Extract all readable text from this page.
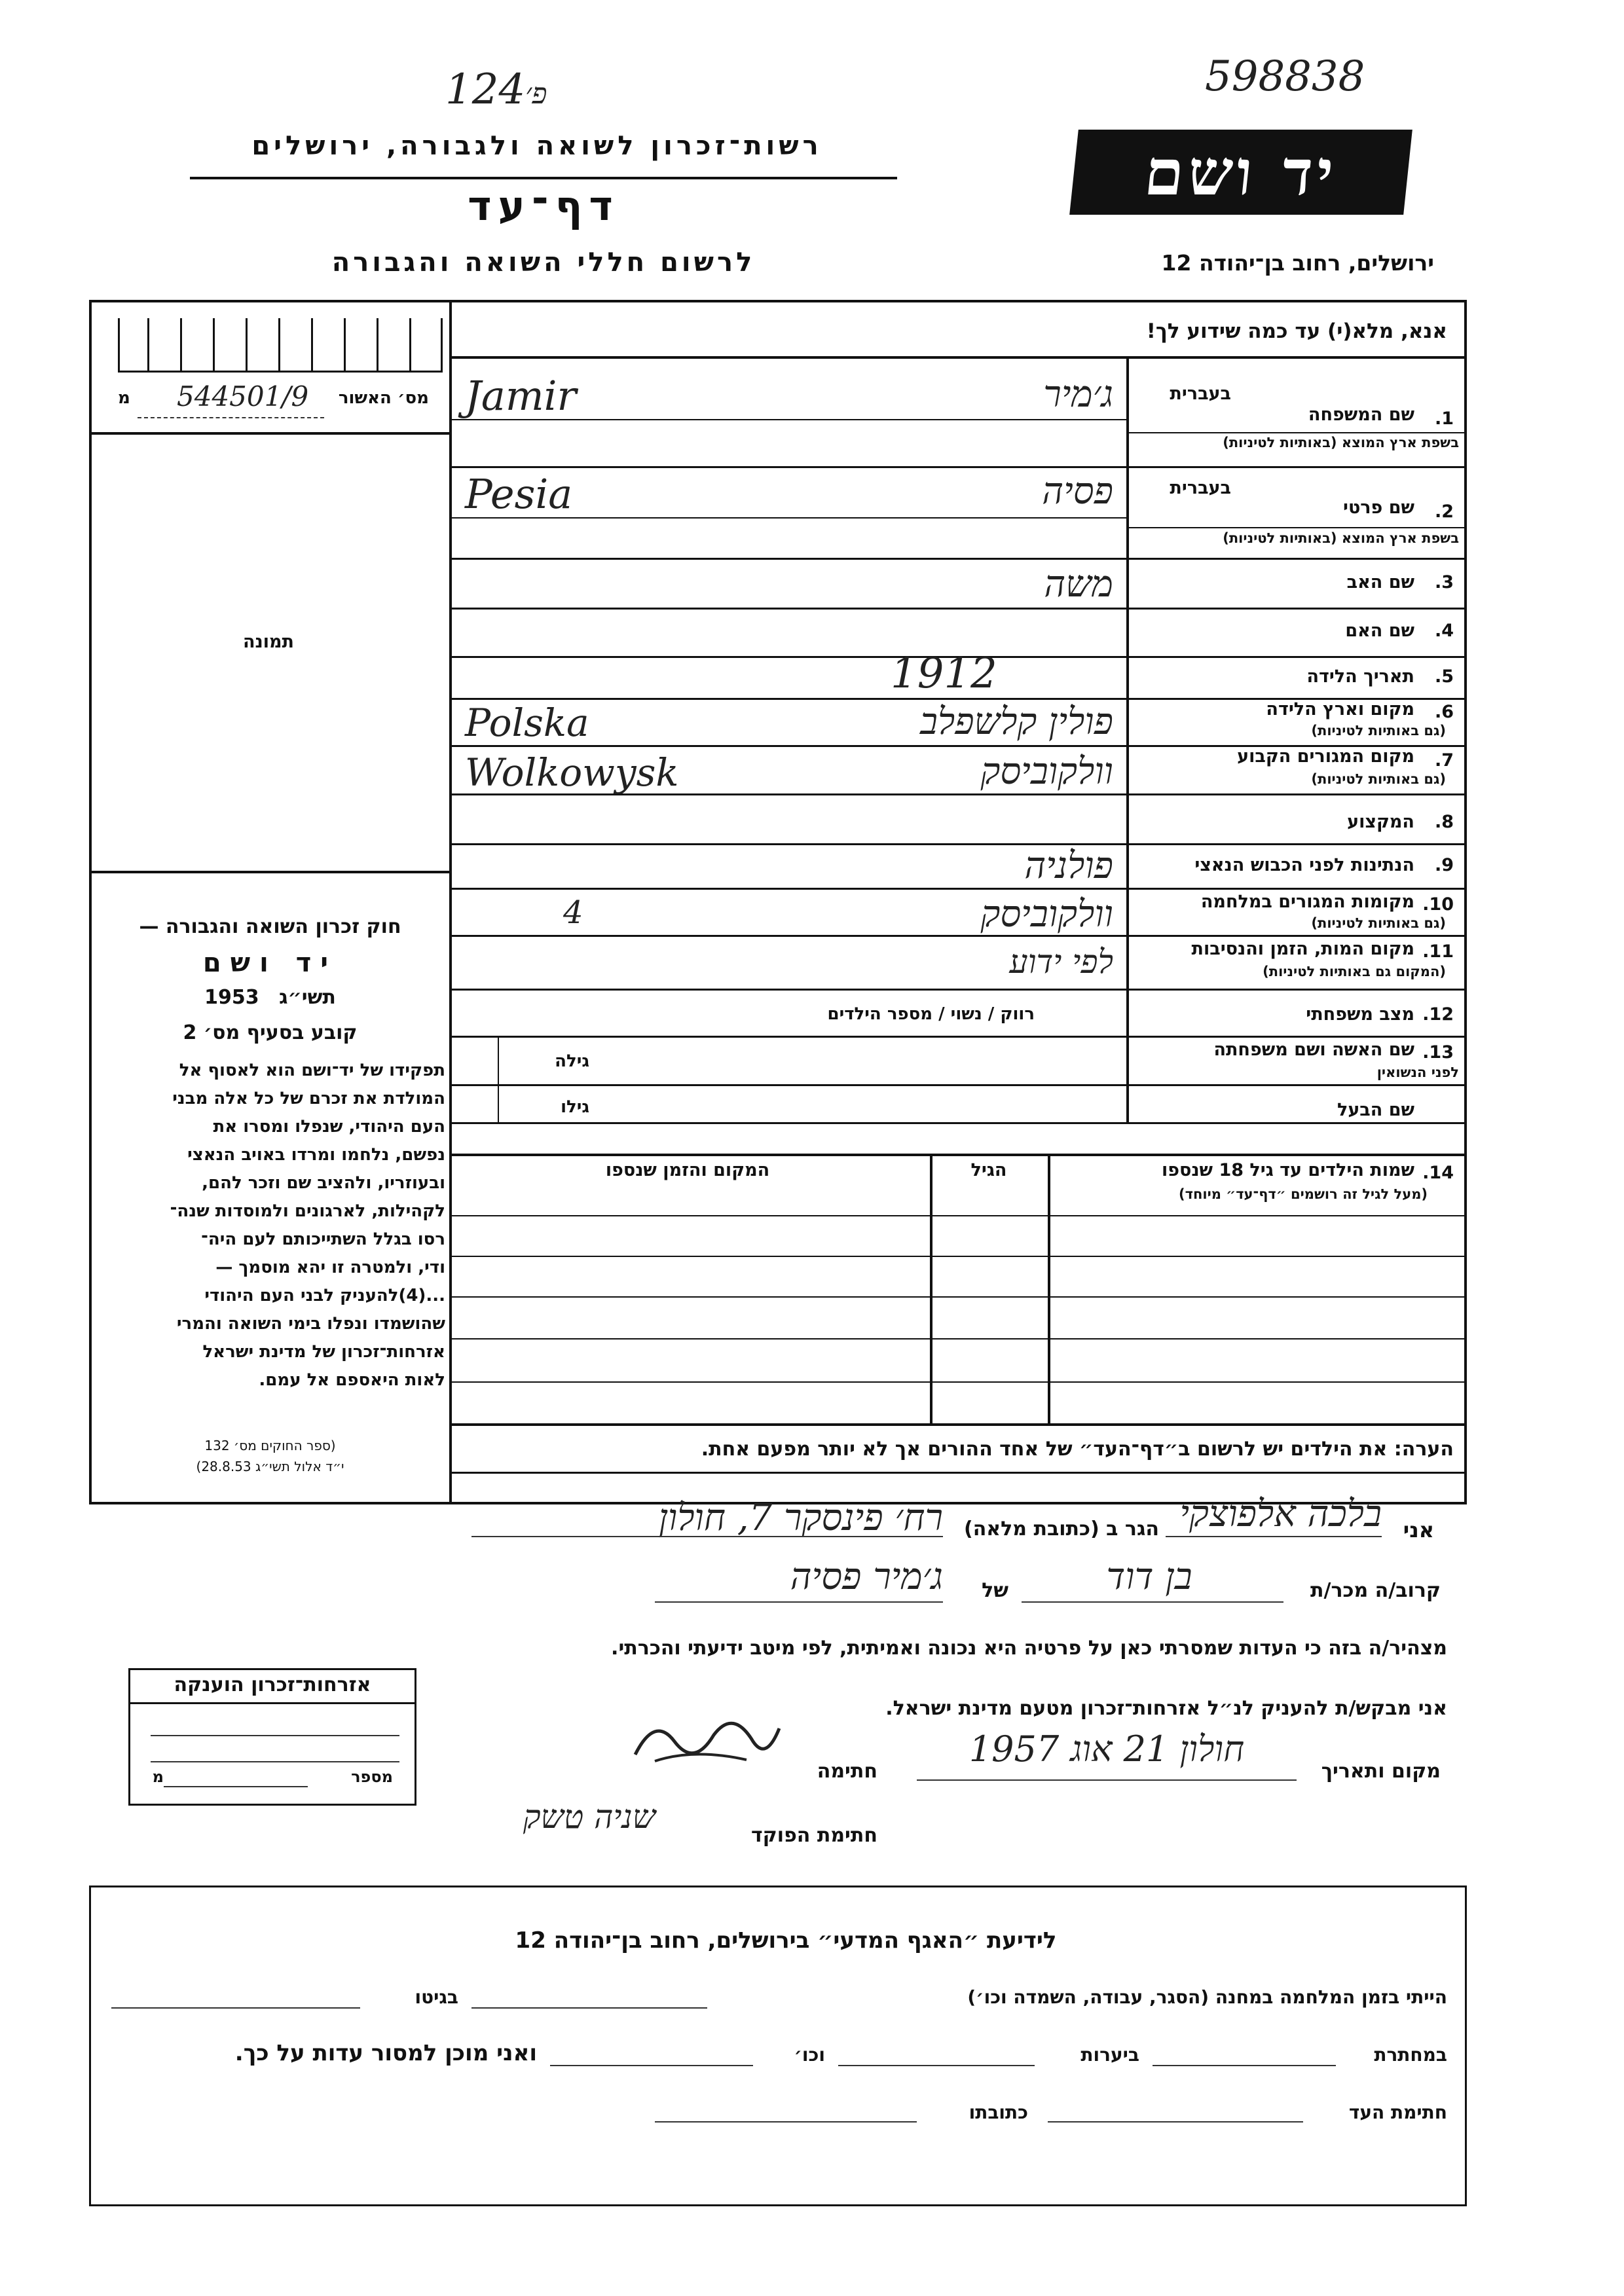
פ׳124	598838
רשות־זכרון לשואה ולגבורה, ירושלים
דף־עד
לרשום חללי השואה והגבורה
יד ושם
ירושלים, רחוב בן־יהודה 12
אנא, מלא(י) עד כמה שידוע לך!
מס׳ האשור
544501/9
מ
תמונה
חוק זכרון השואה והגבורה —
יד ושם
1953 תשי״ג
קובע בסעיף מס׳ 2
תפקידו של יד־ושם הוא לאסוף אל
המולדת את זכרם של כל אלה מבני
העם היהודי, שנפלו ומסרו את
נפשם, נלחמו ומרדו באויב הנאצי
ובעוזריו, ולהציב שם וזכר להם,
לקהילות, לארגונים ולמוסדות שנה־
רסו בגלל השתייכותם לעם היה־
ודי, ולמטרה זו יהא מוסמך —
...(4)להעניק לבני העם היהודי
שהושמדו ונפלו בימי השואה והמרי
אזרחות־זכרון של מדינת ישראל
לאות היאספם אל עמם.
(ספר החוקים מס׳ 132
י״ד אלול תשי״ג 28.8.53)
בעברית
1.
שם המשפחה
בשפת ארץ המוצא (באותיות לטיניות)
ג׳מיר
Jamir
בעברית
2.
שם פרטי
בשפת ארץ המוצא (באותיות לטיניות)
פסיה
Pesia
3.
שם האב
משה
4.
שם האם
5.
תאריך הלידה
1912
6.
מקום וארץ הלידה
(גם באותיות לטיניות)
פולין קלשפלב
Polska
7.
מקום המגורים הקבוע
(גם באותיות לטיניות)
וולקוביסק
Wolkowysk
8.
המקצוע
9.
הנתינות לפני הכבוש הנאצי
פולניה
10.
מקומות המגורים במלחמה
(גם באותיות לטיניות)
וולקוביסק
4
11.
מקום המות, הזמן והנסיבות
(המקום גם באותיות לטיניות)
לפי ידוע
12.
מצב משפחתי
רווק / נשוי / מספר הילדים
13.
שם האשה ושם משפחתה
לפני הנשואין
גילה
שם הבעל
גילו
14.
שמות הילדים עד גיל 18 שנספו
(מעל לגיל זה רושמים ״דף־עד״ מיוחד)
הגיל
המקום והזמן שנספו
הערה: את הילדים יש לרשום ב״דף־העד״ של אחד ההורים אך לא יותר מפעם אחת.
אני
בלכה אלפוצקי
הגר ב (כתובת מלאה)
רח׳ פינסקר 7, חולון
קרוב/ה מכר/ת
בן דוד
של
ג׳מיר פסיה
מצהיר/ה בזה כי העדות שמסרתי כאן על פרטיה היא נכונה ואמיתית, לפי מיטב ידיעתי והכרתי.
אני מבקש/ת להעניק לנ״ל אזרחות־זכרון מטעם מדינת ישראל.
מקום ותאריך
חולון 21 אוג 1957
חתימה
חתימת הפוקד
שניה טשק
אזרחות־זכרון הוענקה
מספר
מ
לידיעת ״האגף המדעי״ בירושלים, רחוב בן־יהודה 12
הייתי בזמן המלחמה במחנה (הסגר, עבודה, השמדה וכו׳)
בגיטו
במחתרת
ביערות
וכו׳
ואני מוכן למסור עדות על כך.
חתימת העד
כתובתו
